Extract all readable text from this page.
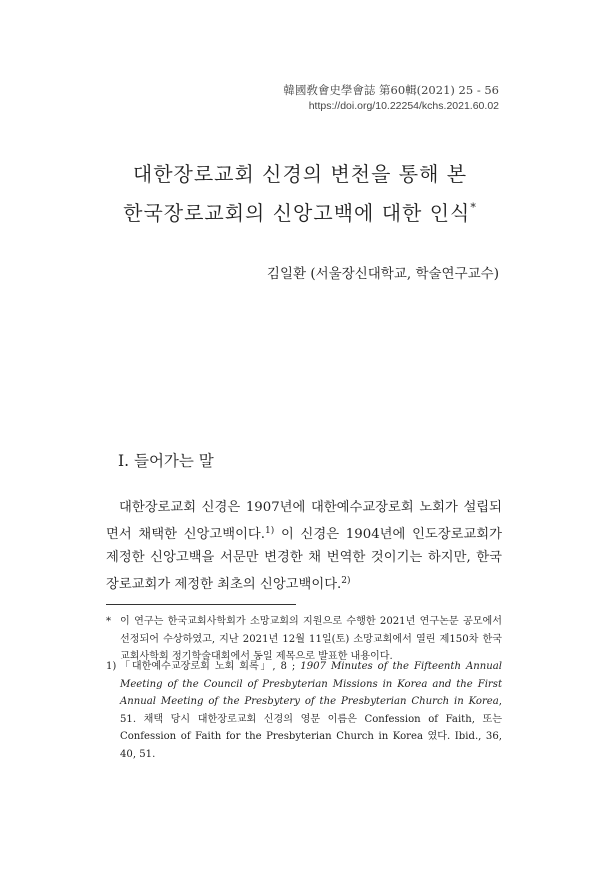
韓國敎會史學會誌 第60輯(2021) 25 - 56
https://doi.org/10.22254/kchs.2021.60.02
대한장로교회 신경의 변천을 통해 본
한국장로교회의 신앙고백에 대한 인식*
김일환 (서울장신대학교, 학술연구교수)
I. 들어가는 말
대한장로교회 신경은 1907년에 대한예수교장로회 노회가 설립되면서 채택한 신앙고백이다.$^{1)}$ 이 신경은 1904년에 인도장로교회가 제정한 신앙고백을 서문만 변경한 채 번역한 것이기는 하지만, 한국장로교회가 제정한 최초의 신앙고백이다.$^{2)}$
* 이 연구는 한국교회사학회가 소망교회의 지원으로 수행한 2021년 연구논문 공모에서 선정되어 수상하였고, 지난 2021년 12월 11일(토) 소망교회에서 열린 제150차 한국교회사학회 정기학술대회에서 동일 제목으로 발표한 내용이다.
1) 「대한예수교장로회 노회 회록」, 8 ; 1907 Minutes of the Fifteenth Annual Meeting of the Council of Presbyterian Missions in Korea and the First Annual Meeting of the Presbytery of the Presbyterian Church in Korea, 51. 채택 당시 대한장로교회 신경의 영문 이름은 Confession of Faith, 또는 Confession of Faith for the Presbyterian Church in Korea 였다. Ibid., 36, 40, 51.
